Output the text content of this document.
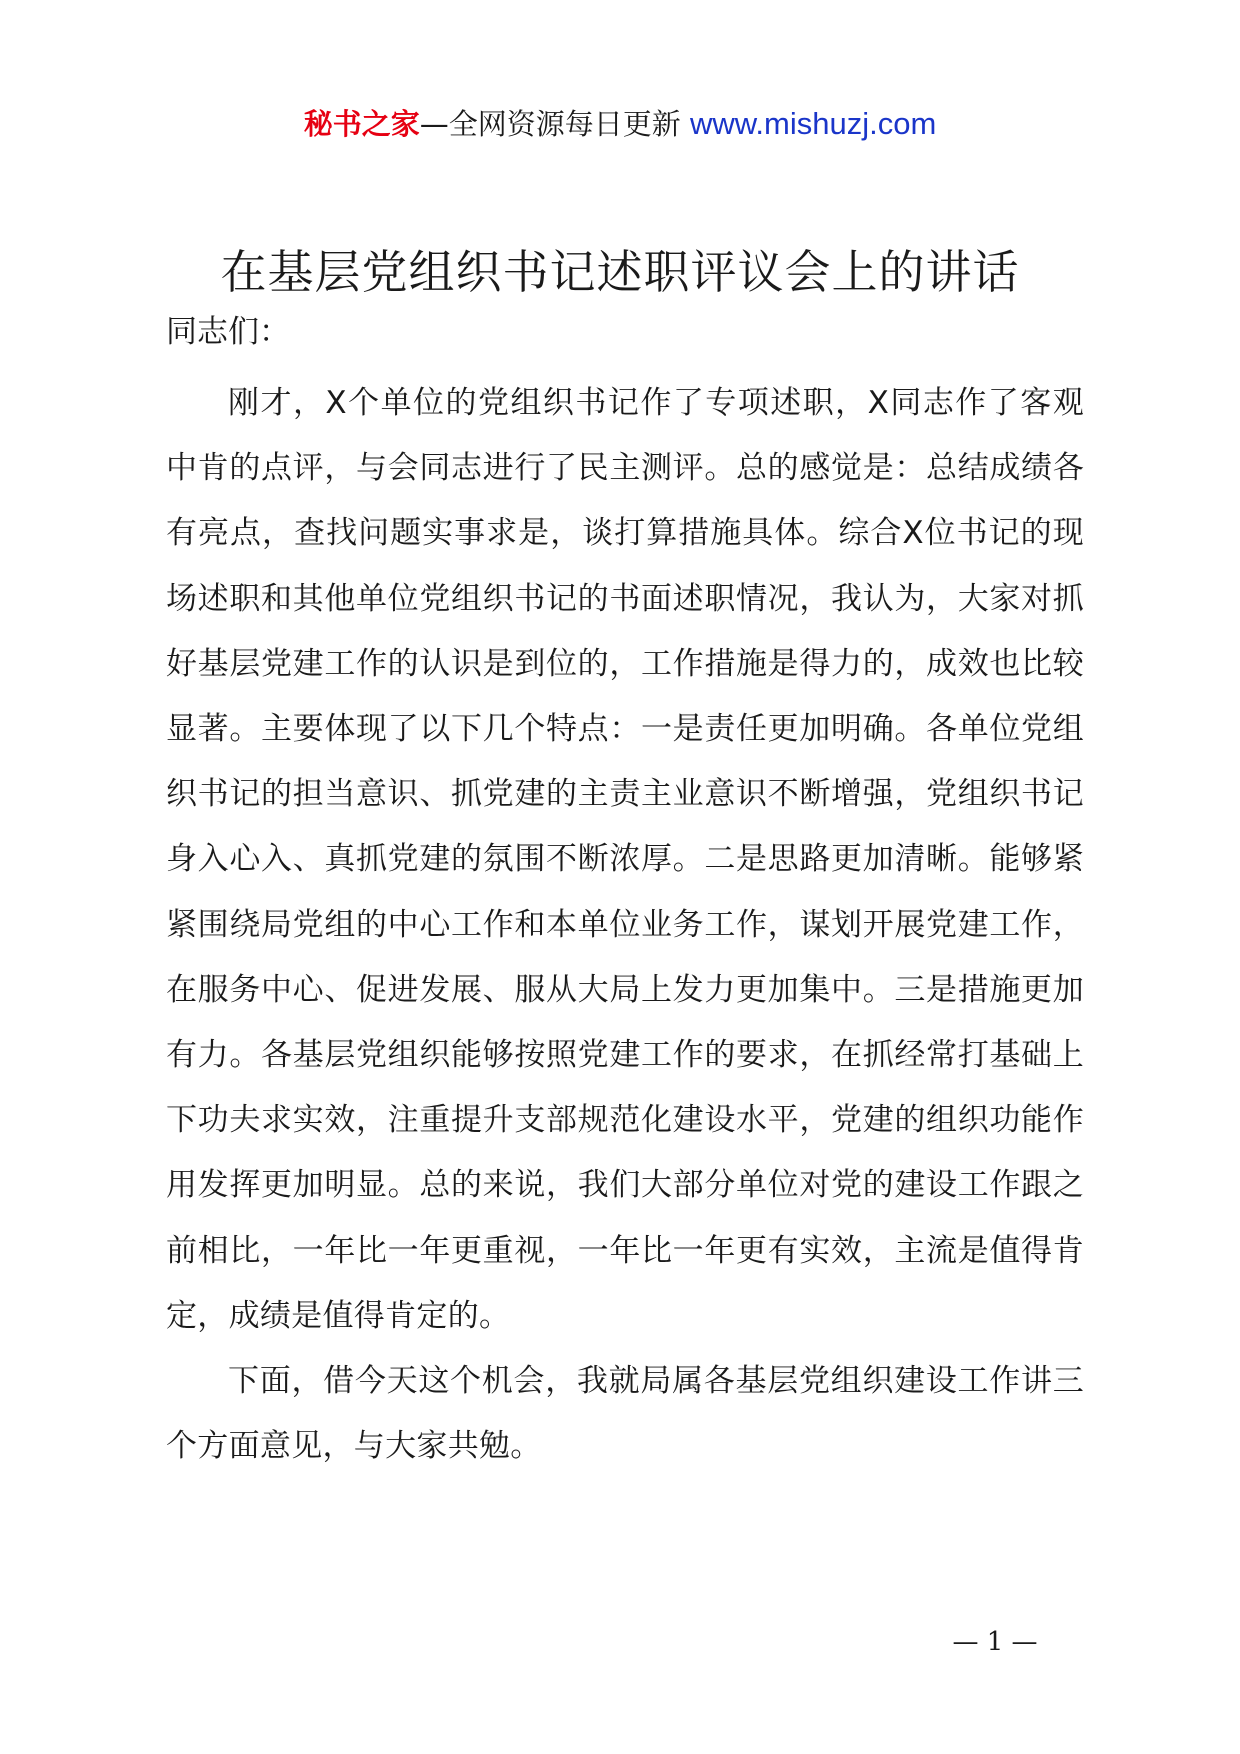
秘书之家—全网资源每日更新 www.mishuzj.com
在基层党组织书记述职评议会上的讲话

同志们：

刚才，X个单位的党组织书记作了专项述职，X同志作了客观中肯的点评，与会同志进行了民主测评。总的感觉是：总结成绩各有亮点，查找问题实事求是，谈打算措施具体。综合X位书记的现场述职和其他单位党组织书记的书面述职情况，我认为，大家对抓好基层党建工作的认识是到位的，工作措施是得力的，成效也比较显著。主要体现了以下几个特点：一是责任更加明确。各单位党组织书记的担当意识、抓党建的主责主业意识不断增强，党组织书记身入心入、真抓党建的氛围不断浓厚。二是思路更加清晰。能够紧紧围绕局党组的中心工作和本单位业务工作，谋划开展党建工作，在服务中心、促进发展、服从大局上发力更加集中。三是措施更加有力。各基层党组织能够按照党建工作的要求，在抓经常打基础上下功夫求实效，注重提升支部规范化建设水平，党建的组织功能作用发挥更加明显。总的来说，我们大部分单位对党的建设工作跟之前相比，一年比一年更重视，一年比一年更有实效，主流是值得肯定，成绩是值得肯定的。

下面，借今天这个机会，我就局属各基层党组织建设工作讲三个方面意见，与大家共勉。

— 1 —
